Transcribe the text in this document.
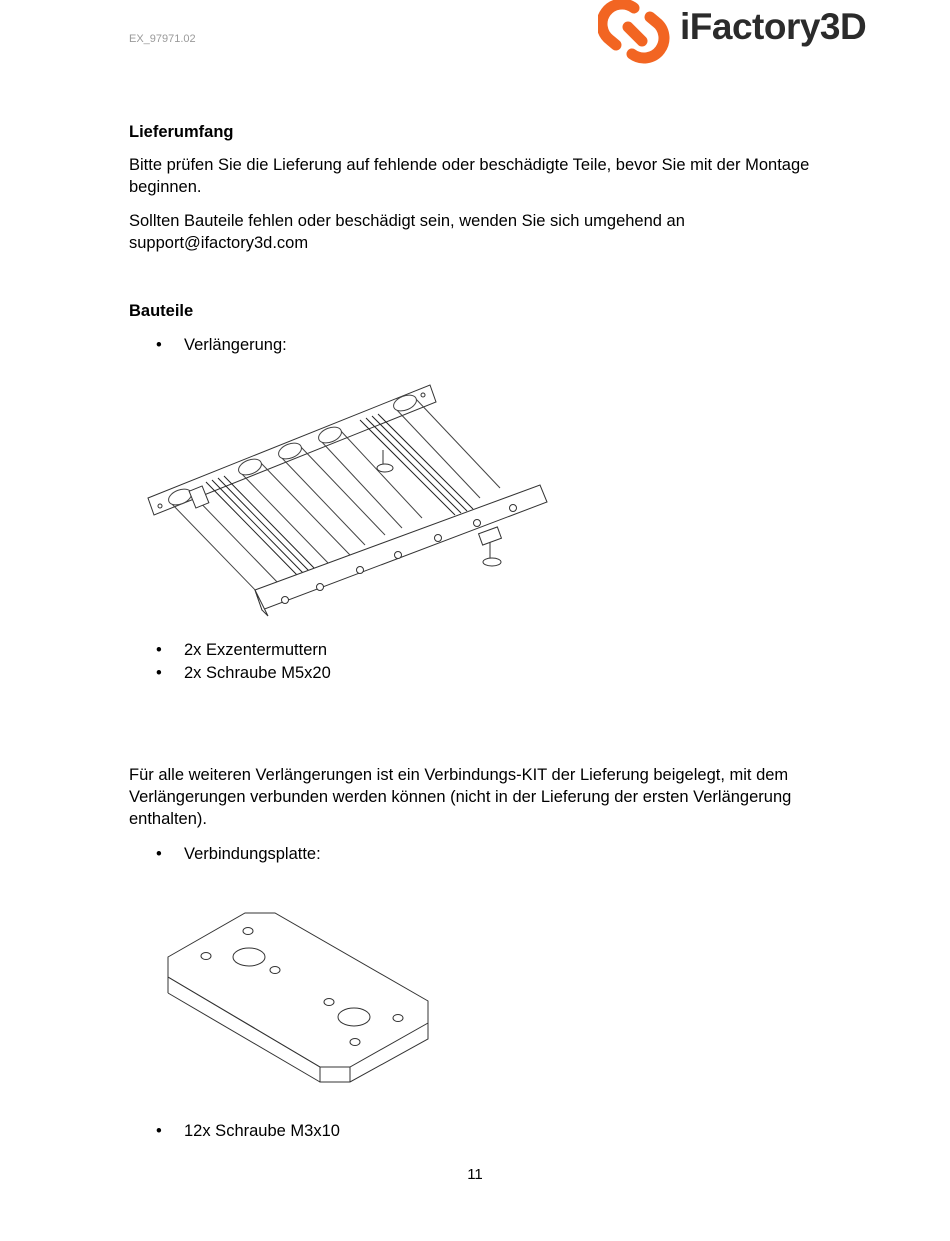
EX_97971.02	iFactory3D
Lieferumfang

Bitte prüfen Sie die Lieferung auf fehlende oder beschädigte Teile, bevor Sie mit der Montage beginnen.

Sollten Bauteile fehlen oder beschädigt sein, wenden Sie sich umgehend an
support@ifactory3d.com

Bauteile
• Verlängerung:
• 2x Exzentermuttern
• 2x Schraube M5x20

Für alle weiteren Verlängerungen ist ein Verbindungs-KIT der Lieferung beigelegt, mit dem Verlängerungen verbunden werden können (nicht in der Lieferung der ersten Verlängerung enthalten).

• Verbindungsplatte:
• 12x Schraube M3x10
11
